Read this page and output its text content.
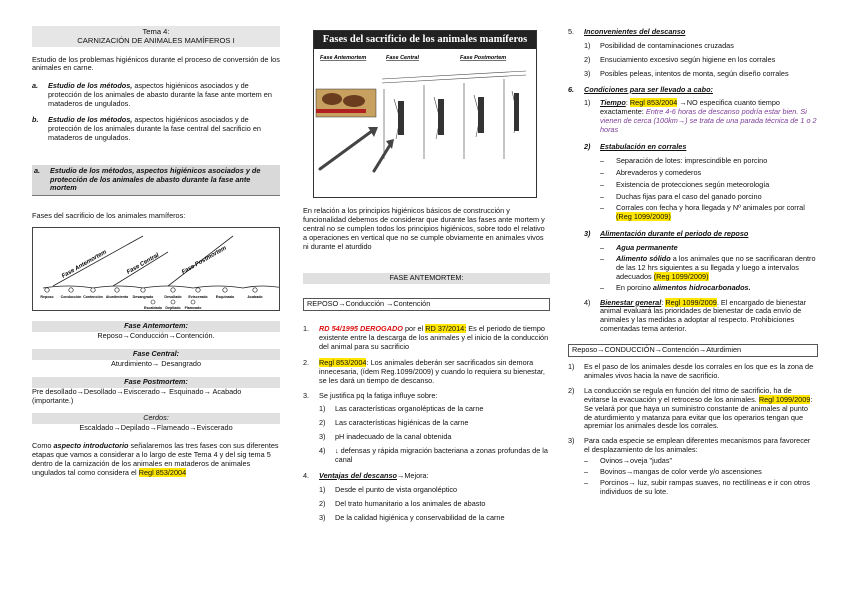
Tema 4:
CARNIZACIÓN DE ANIMALES MAMÍFEROS I

Estudio de los problemas higiénicos durante el proceso de conversión de los animales en carne.

a.	Estudio de los métodos, aspectos higiénicos asociados y de protección de los animales de abasto durante la fase ante mortem en mataderos de ungulados.
b.	Estudio de los métodos, aspectos higiénicos asociados y de protección de los animales durante la fase central del sacrificio en mataderos de ungulados.
a.	Estudio de los métodos, aspectos higiénicos asociados y de protección de los animales de abasto durante la fase ante mortem

Fases del sacrificio de los animales mamíferos:

Fase Antemortem	Fase Central	Fase Postmortem
Reposo Conducción Contención Aturdimiento Desangrado	Desollado Eviscerado Esquinado	Acabado
Escaldado Depilado Flameado
Fase Antemortem:

Reposo→Conducción→Contención.

Fase Central:

Aturdimiento→ Desangrado

Fase Postmortem:

Pre desollado→Desollado→Eviscerado→ Esquinado→ Acabado (importante.)

Cerdos:

Escaldado→Depilado→Flameado→Eviscerado

Como aspecto introductorio señalaremos las tres fases con sus diferentes etapas que vamos a considerar a lo largo de este Tema 4 y del sig tema 5 dentro de la carnización de los animales en mataderos de animales ungulados tal como considera el Regl 853/2004

Fases del sacrificio de los animales mamíferos
Fase Antemortem	Fase Central	Fase Postmortem

En relación a los principios higiénicos básicos de construcción y funcionalidad debemos de considerar que durante las fases ante mortem y central no se cumplen todos los principios higiénicos, sobre todo el relativo a operaciones en vertical que no se cumple obviamente en animales vivos ni durante el aturdido

FASE ANTEMORTEM:
REPOSO→Conducción →Contención
1.	RD 54/1995 DEROGADO por el RD 37/2014: Es el periodo de tiempo existente entre la descarga de los animales y el inicio de la conducción del animal para su sacrificio
2.	Regl 853/2004: Los animales deberán ser sacrificados sin demora innecesaria, (ídem Reg.1099/2009) y cuando lo requiera su bienestar, se les dará un tiempo de descanso.
3.	Se justifica pq la fatiga influye sobre:
1)	Las características organolépticas de la carne
2)	Las características higiénicas de la carne
3)	pH inadecuado de la canal obtenida
4)	↓ defensas y rápida migración bacteriana a zonas profundas de la canal
4.	Ventajas del descanso→Mejora:
1)	Desde el punto de vista organoléptico
2)	Del trato humanitario a los animales de abasto
3)	De la calidad higiénica y conservabilidad de la carne
5.	Inconvenientes del descanso
1)	Posibilidad de contaminaciones cruzadas
2)	Ensuciamiento excesivo según higiene en los corrales
3)	Posibles peleas, intentos de monta, según diseño corrales
6.	Condiciones para ser llevado a cabo:
1)	Tiempo: Regl 853/2004 →NO especifica cuanto tiempo exactamente: Entre 4-6 horas de descanso podría estar bien. Si vienen de cerca (100km→) se trata de una parada técnica de 1 o 2 horas
2)	Estabulación en corrales
–	Separación de lotes: imprescindible en porcino
–	Abrevaderos y comederos
–	Existencia de protecciones según meteorología
–	Duchas fijas para el caso del ganado porcino
–	Corrales con fecha y hora llegada y Nº animales por corral (Reg 1099/2009)
3)	Alimentación durante el periodo de reposo
–	Agua permanente
–	Alimento sólido a los animales que no se sacrificaran dentro de las 12 hrs siguientes a su llegada y luego a intervalos adecuados (Reg 1099/2009)
–	En porcino alimentos hidrocarbonados.
4)	Bienestar general: Regl 1099/2009. El encargado de bienestar animal evaluará las prioridades de bienestar de cada envío de animales y las medidas a adoptar al respecto. Prohibiciones comentadas tema anterior.
Reposo→CONDUCCIÓN→Contención→Aturdimien
1)	Es el paso de los animales desde los corrales en los que es la zona de animales vivos hacia la nave de sacrificio.
2)	La conducción se regula en función del ritmo de sacrificio, ha de evitarse la evacuación y el retroceso de los animales. Regl 1099/2009: Se velará por que haya un suministro constante de animales al punto de aturdimiento y matanza para evitar que los operarios tengan que apremiar los animales desde los corrales.
3)	Para cada especie se emplean diferentes mecanismos para favorecer el desplazamiento de los animales:
–	Ovinos→oveja "judas"
–	Bovinos→mangas de color verde y/o ascensiones
–	Porcinos→ luz, subir rampas suaves, no rectilíneas e ir con otros individuos de su lote.
